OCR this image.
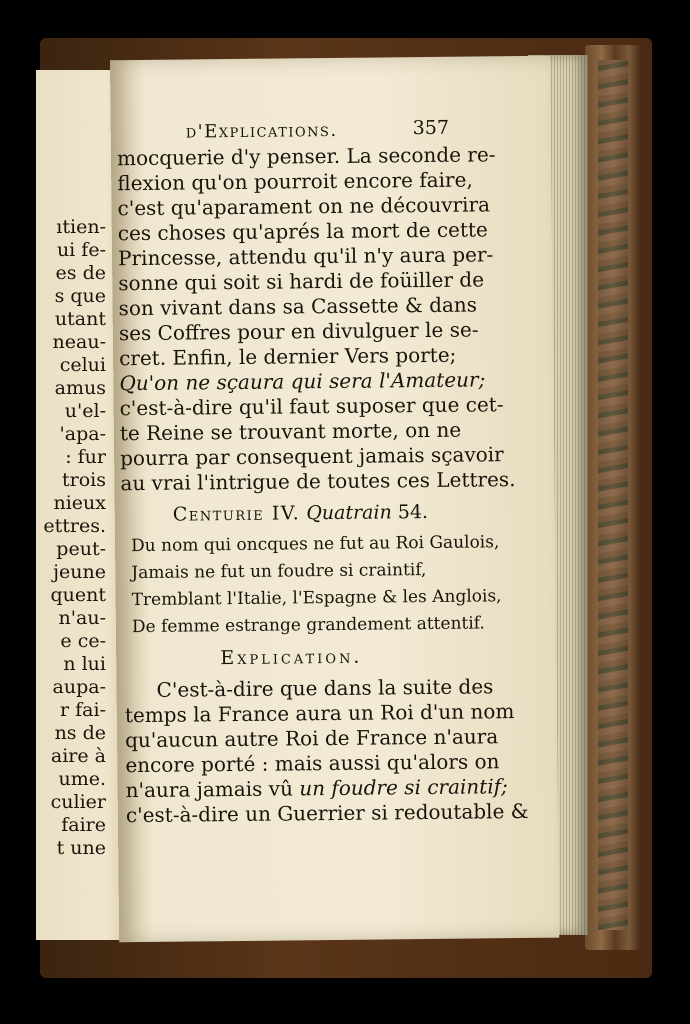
ıtien-
ui fe-
es de
s que
utant
neau-
celui
amus
u'el-
'apa-
: fur
trois
nieux
ettres.
peut-
jeune
quent
n'au-
e ce-
n lui
aupa-
r fai-
ns de
aire à
ume.
culier
faire
t une
d'Explications.	357
mocquerie d'y penser. La seconde re-
flexion qu'on pourroit encore faire,
c'est qu'aparament on ne découvrira
ces choses qu'aprés la mort de cette
Princesse, attendu qu'il n'y aura per-
sonne qui soit si hardi de foüiller de
son vivant dans sa Cassette & dans
ses Coffres pour en divulguer le se-
cret. Enfin, le dernier Vers porte;
Qu'on ne sçaura qui sera l'Amateur;
c'est-à-dire qu'il faut suposer que cet-
te Reine se trouvant morte, on ne
pourra par consequent jamais sçavoir
au vrai l'intrigue de toutes ces Lettres.
Centurie IV. Quatrain 54.
Du nom qui oncques ne fut au Roi Gaulois,
Jamais ne fut un foudre si craintif,
Tremblant l'Italie, l'Espagne & les Anglois,
De femme estrange grandement attentif.
Explication.
C'est-à-dire que dans la suite des
temps la France aura un Roi d'un nom
qu'aucun autre Roi de France n'aura
encore porté : mais aussi qu'alors on
n'aura jamais vû un foudre si craintif;
c'est-à-dire un Guerrier si redoutable &
